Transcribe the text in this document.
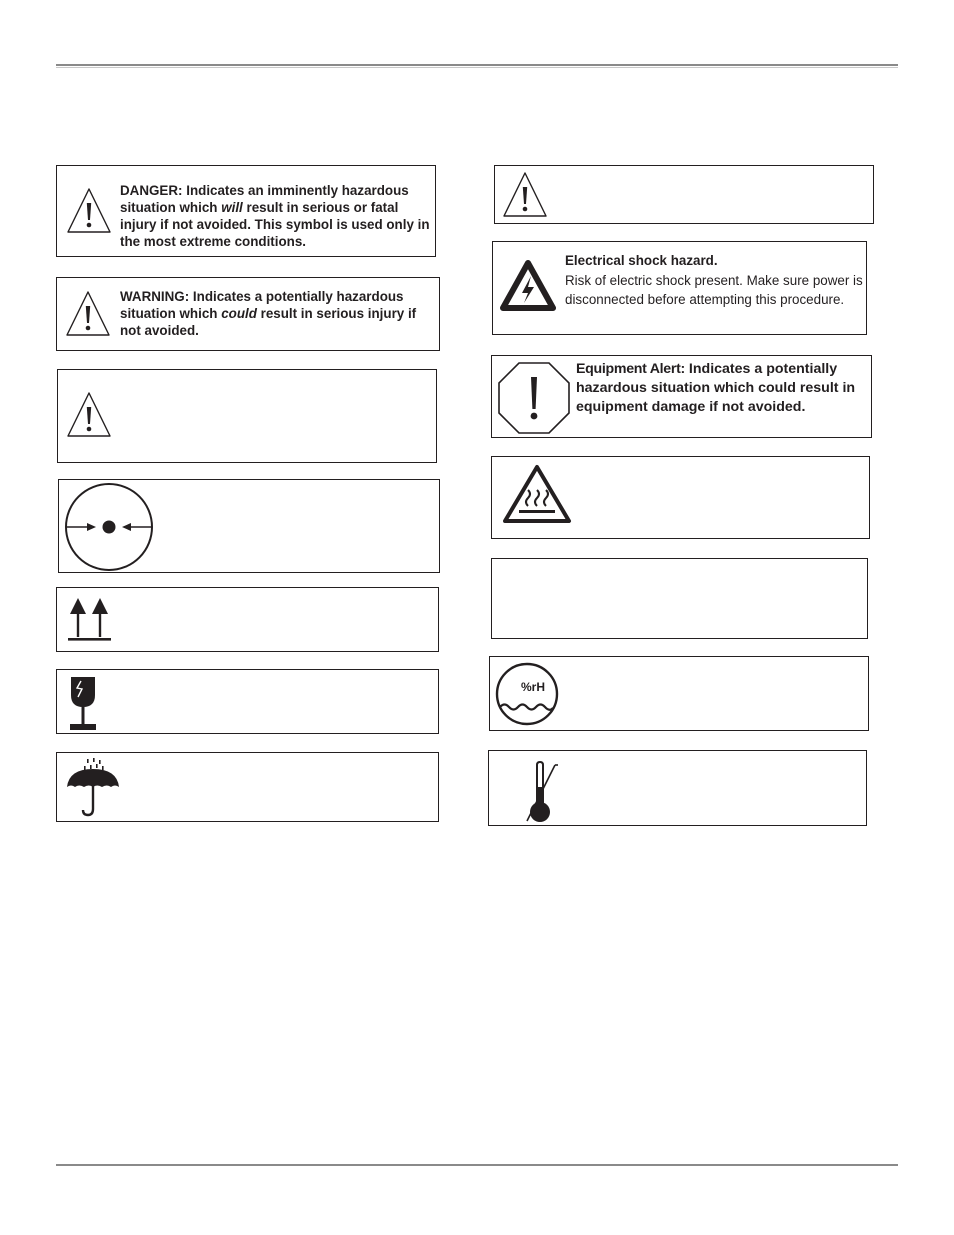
DANGER: Indicates an imminently hazardous situation which will result in serious or fatal injury if not avoided. This symbol is used only in the most extreme conditions.
WARNING: Indicates a potentially hazardous situation which could result in serious injury if not avoided.
Electrical shock hazard.
Risk of electric shock present. Make sure power is disconnected before attempting this procedure.
Equipment Alert: Indicates a potentially hazardous situation which could result in equipment damage if not avoided.
%rH
